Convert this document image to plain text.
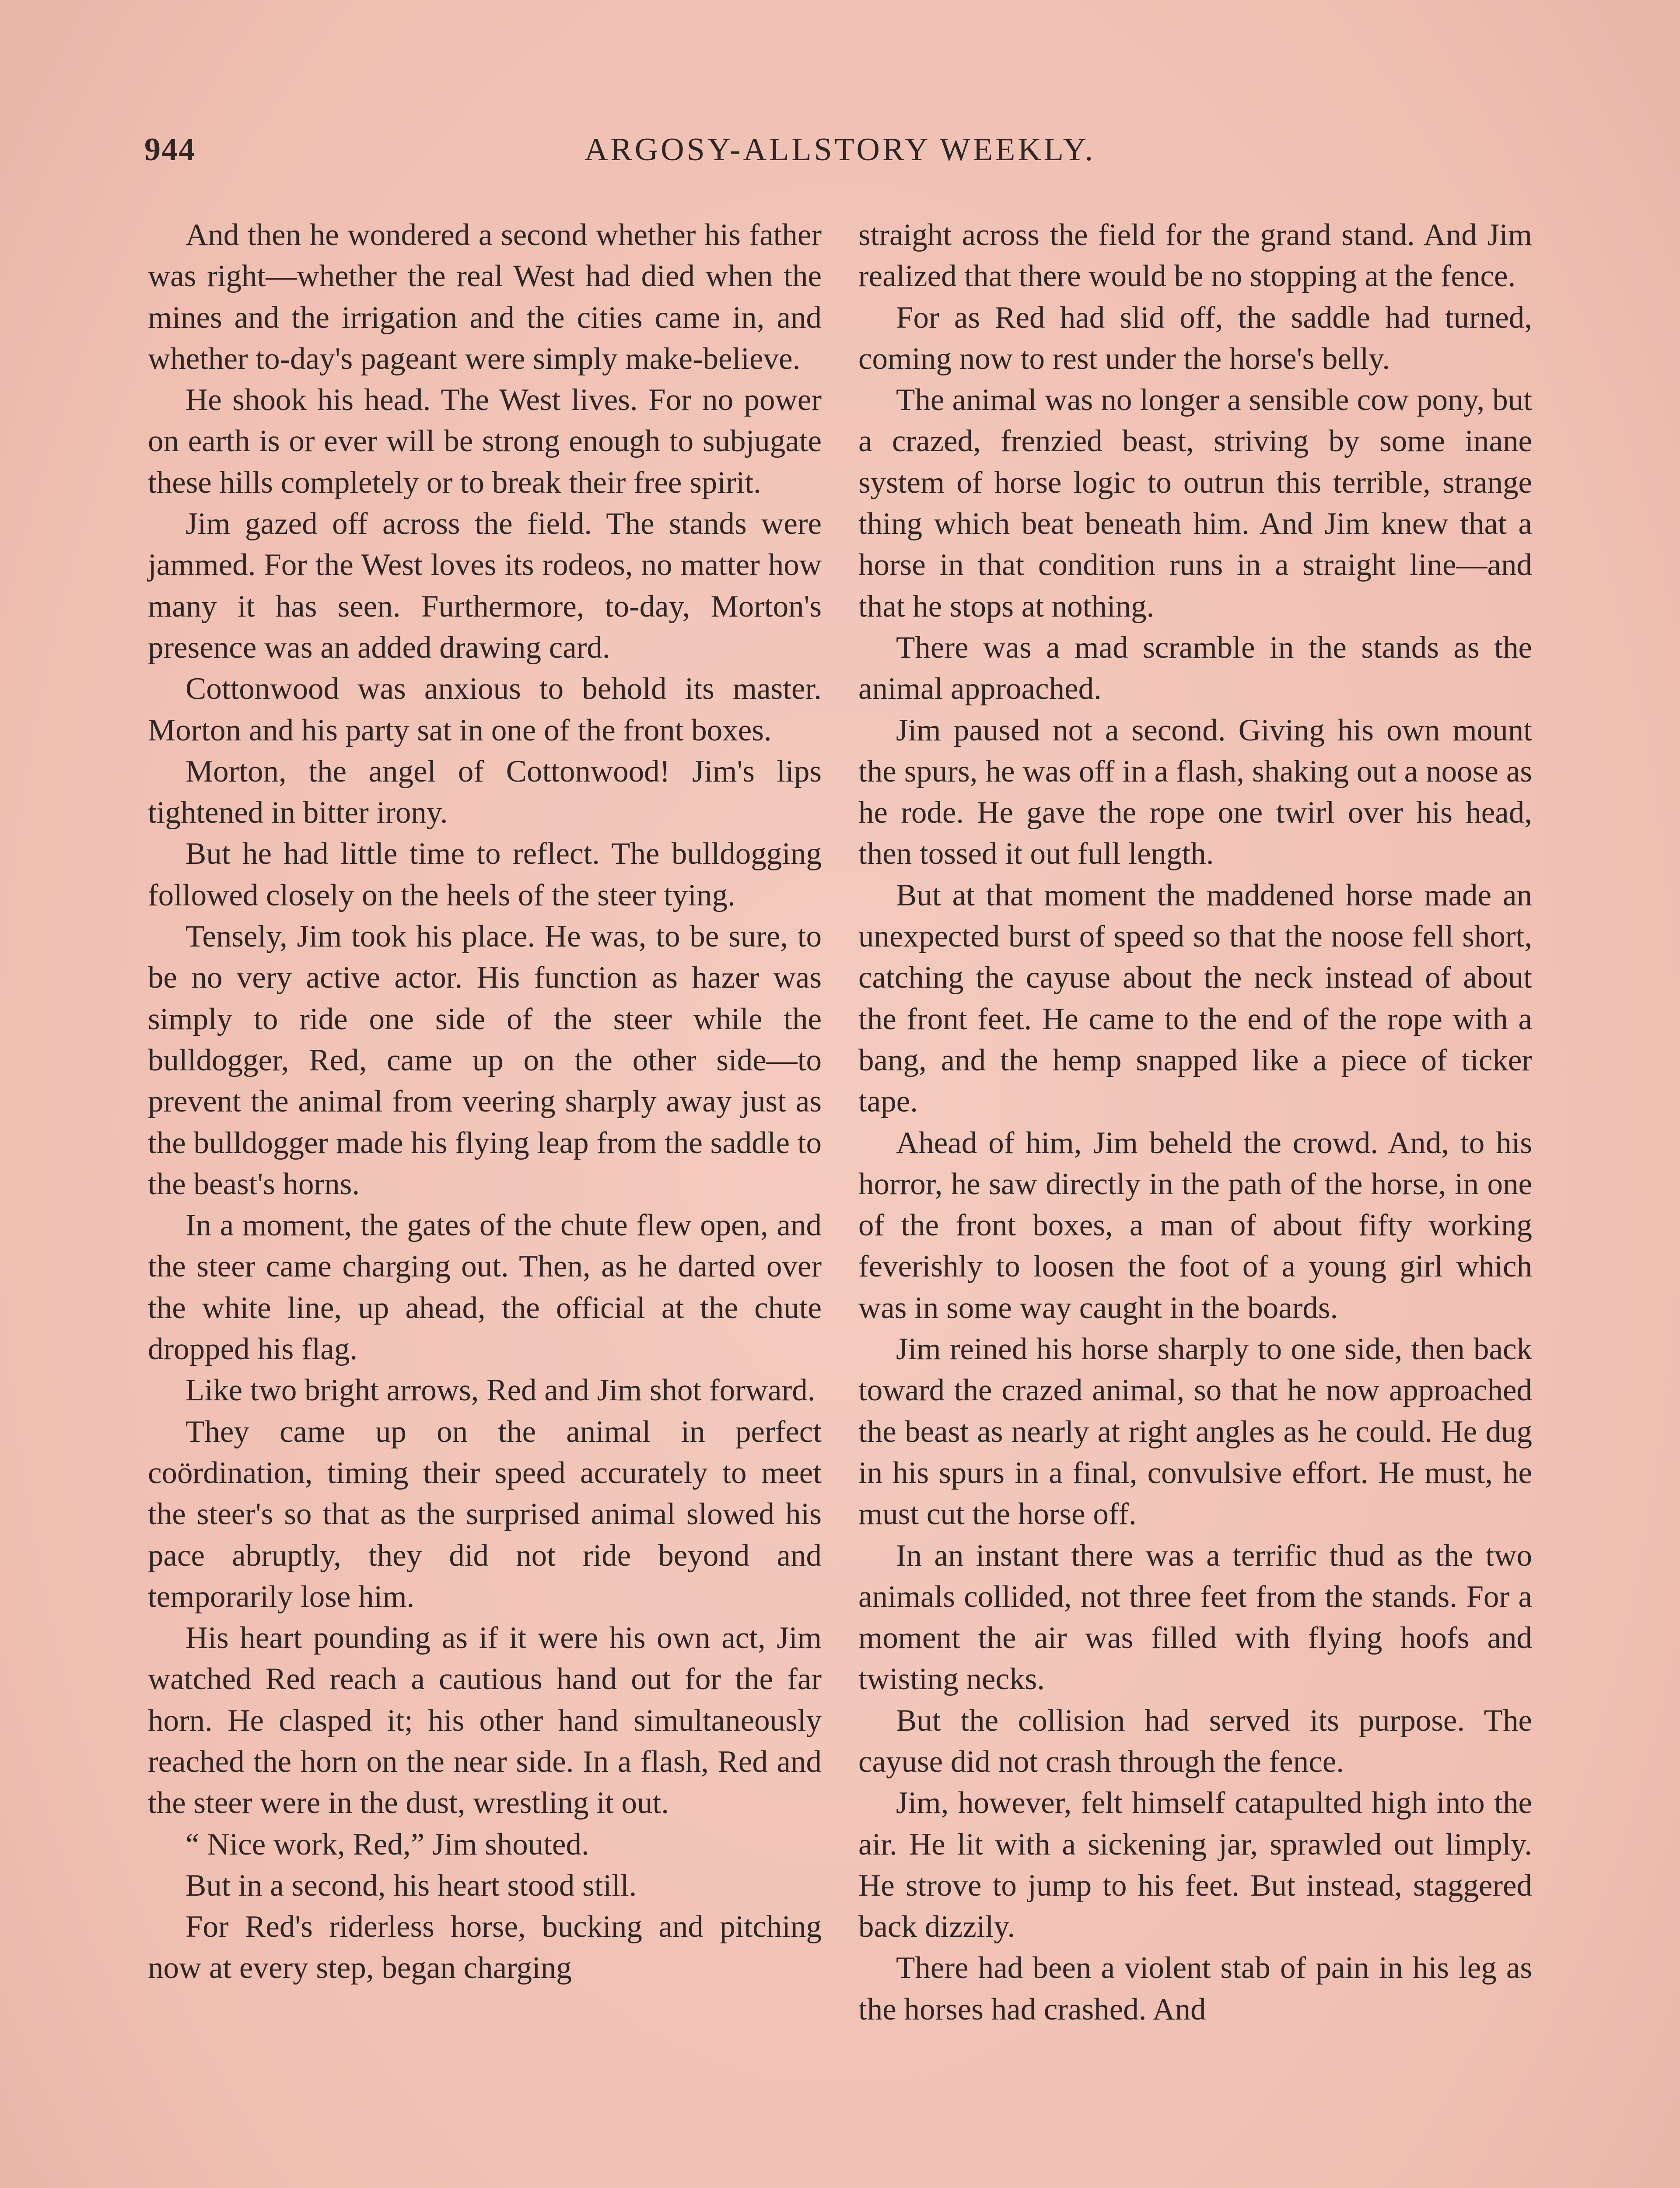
944	ARGOSY-ALLSTORY WEEKLY.

And then he wondered a second whether his father was right—whether the real West had died when the mines and the irrigation and the cities came in, and whether to-day's pageant were simply make-believe.

He shook his head. The West lives. For no power on earth is or ever will be strong enough to subjugate these hills completely or to break their free spirit.

Jim gazed off across the field. The stands were jammed. For the West loves its rodeos, no matter how many it has seen. Furthermore, to-day, Morton's presence was an added drawing card.

Cottonwood was anxious to behold its master. Morton and his party sat in one of the front boxes.

Morton, the angel of Cottonwood! Jim's lips tightened in bitter irony.

But he had little time to reflect. The bulldogging followed closely on the heels of the steer tying.

Tensely, Jim took his place. He was, to be sure, to be no very active actor. His function as hazer was simply to ride one side of the steer while the bulldogger, Red, came up on the other side—to prevent the animal from veering sharply away just as the bulldogger made his flying leap from the saddle to the beast's horns.

In a moment, the gates of the chute flew open, and the steer came charging out. Then, as he darted over the white line, up ahead, the official at the chute dropped his flag.

Like two bright arrows, Red and Jim shot forward.

They came up on the animal in perfect coördination, timing their speed accurately to meet the steer's so that as the surprised animal slowed his pace abruptly, they did not ride beyond and temporarily lose him.

His heart pounding as if it were his own act, Jim watched Red reach a cautious hand out for the far horn. He clasped it; his other hand simultaneously reached the horn on the near side. In a flash, Red and the steer were in the dust, wrestling it out.

“ Nice work, Red,” Jim shouted.

But in a second, his heart stood still.

For Red's riderless horse, bucking and pitching now at every step, began charging

straight across the field for the grand stand. And Jim realized that there would be no stopping at the fence.

For as Red had slid off, the saddle had turned, coming now to rest under the horse's belly.

The animal was no longer a sensible cow pony, but a crazed, frenzied beast, striving by some inane system of horse logic to outrun this terrible, strange thing which beat beneath him. And Jim knew that a horse in that condition runs in a straight line—and that he stops at nothing.

There was a mad scramble in the stands as the animal approached.

Jim paused not a second. Giving his own mount the spurs, he was off in a flash, shaking out a noose as he rode. He gave the rope one twirl over his head, then tossed it out full length.

But at that moment the maddened horse made an unexpected burst of speed so that the noose fell short, catching the cayuse about the neck instead of about the front feet. He came to the end of the rope with a bang, and the hemp snapped like a piece of ticker tape.

Ahead of him, Jim beheld the crowd. And, to his horror, he saw directly in the path of the horse, in one of the front boxes, a man of about fifty working feverishly to loosen the foot of a young girl which was in some way caught in the boards.

Jim reined his horse sharply to one side, then back toward the crazed animal, so that he now approached the beast as nearly at right angles as he could. He dug in his spurs in a final, convulsive effort. He must, he must cut the horse off.

In an instant there was a terrific thud as the two animals collided, not three feet from the stands. For a moment the air was filled with flying hoofs and twisting necks.

But the collision had served its purpose. The cayuse did not crash through the fence.

Jim, however, felt himself catapulted high into the air. He lit with a sickening jar, sprawled out limply. He strove to jump to his feet. But instead, staggered back dizzily.

There had been a violent stab of pain in his leg as the horses had crashed. And
